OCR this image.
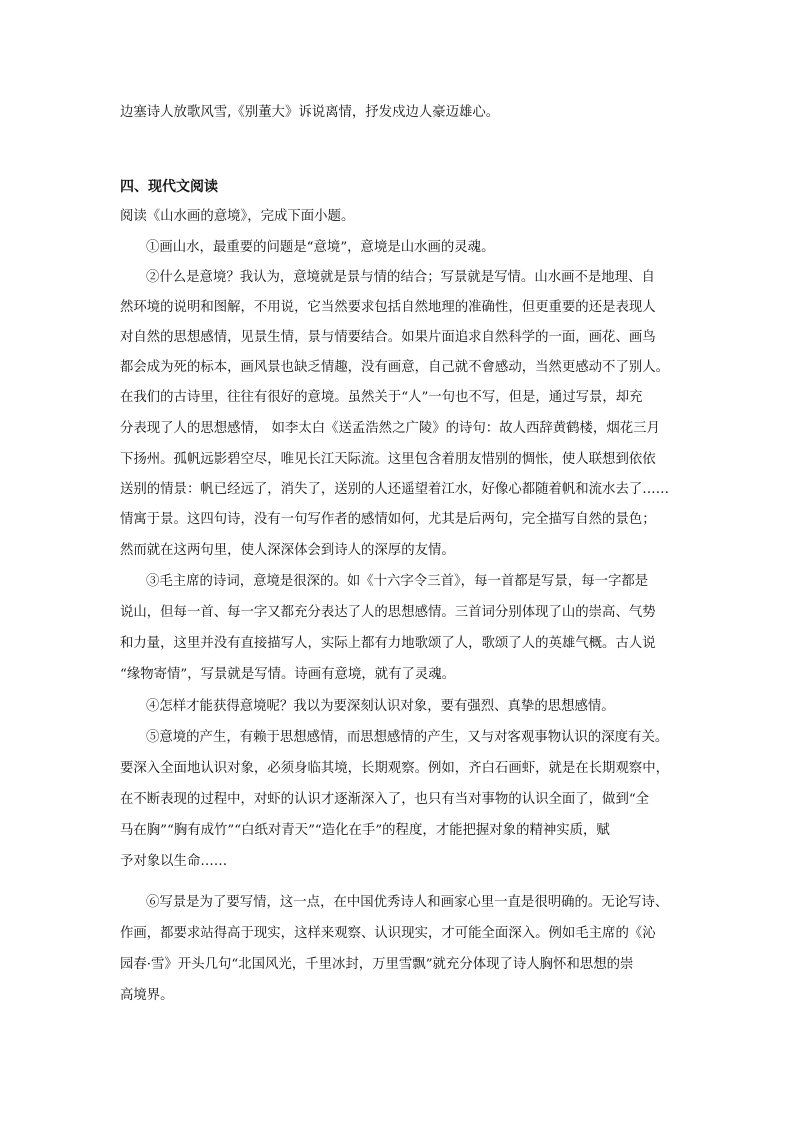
边塞诗人放歌风雪,《别董大》诉说离情，抒发戍边人豪迈雄心。
四、现代文阅读
阅读《山水画的意境》，完成下面小题。
①画山水，最重要的问题是“意境”，意境是山水画的灵魂。
②什么是意境？我认为，意境就是景与情的结合；写景就是写情。山水画不是地理、自
然环境的说明和图解，不用说，它当然要求包括自然地理的准确性，但更重要的还是表现人
对自然的思想感情，见景生情，景与情要结合。如果片面追求自然科学的一面，画花、画鸟
都会成为死的标本，画风景也缺乏情趣，没有画意，自己就不會感动，当然更感动不了别人。
在我们的古诗里，往往有很好的意境。虽然关于“人”一句也不写，但是，通过写景，却充
分表现了人的思想感情， 如李太白《送孟浩然之广陵》的诗句：故人西辞黄鹤楼，烟花三月
下扬州。孤帆远影碧空尽，唯见长江天际流。这里包含着朋友惜别的惆怅，使人联想到依依
送别的情景：帆已经远了，消失了，送别的人还遥望着江水，好像心都随着帆和流水去了……
情寓于景。这四句诗，没有一句写作者的感情如何，尤其是后两句，完全描写自然的景色；
然而就在这两句里，使人深深体会到诗人的深厚的友情。
③毛主席的诗词，意境是很深的。如《十六字令三首》，每一首都是写景，每一字都是
说山，但每一首、每一字又都充分表达了人的思想感情。三首词分别体现了山的崇高、气势
和力量，这里并没有直接描写人，实际上都有力地歌颂了人，歌颂了人的英雄气概。古人说
“缘物寄情”，写景就是写情。诗画有意境，就有了灵魂。
④怎样才能获得意境呢？我以为要深刻认识对象，要有强烈、真挚的思想感情。
⑤意境的产生，有赖于思想感情，而思想感情的产生，又与对客观事物认识的深度有关。
要深入全面地认识对象，必须身临其境，长期观察。例如，齐白石画虾，就是在长期观察中，
在不断表现的过程中，对虾的认识才逐渐深入了，也只有当对事物的认识全面了，做到“全
马在胸”“胸有成竹”“白纸对青天”“造化在手”的程度，才能把握对象的精神实质，赋
予对象以生命……
⑥写景是为了要写情，这一点，在中国优秀诗人和画家心里一直是很明确的。无论写诗、
作画，都要求站得高于现实，这样来观察、认识现实，才可能全面深入。例如毛主席的《沁
园春·雪》开头几句“北国风光，千里冰封，万里雪飘”就充分体现了诗人胸怀和思想的崇
高境界。
